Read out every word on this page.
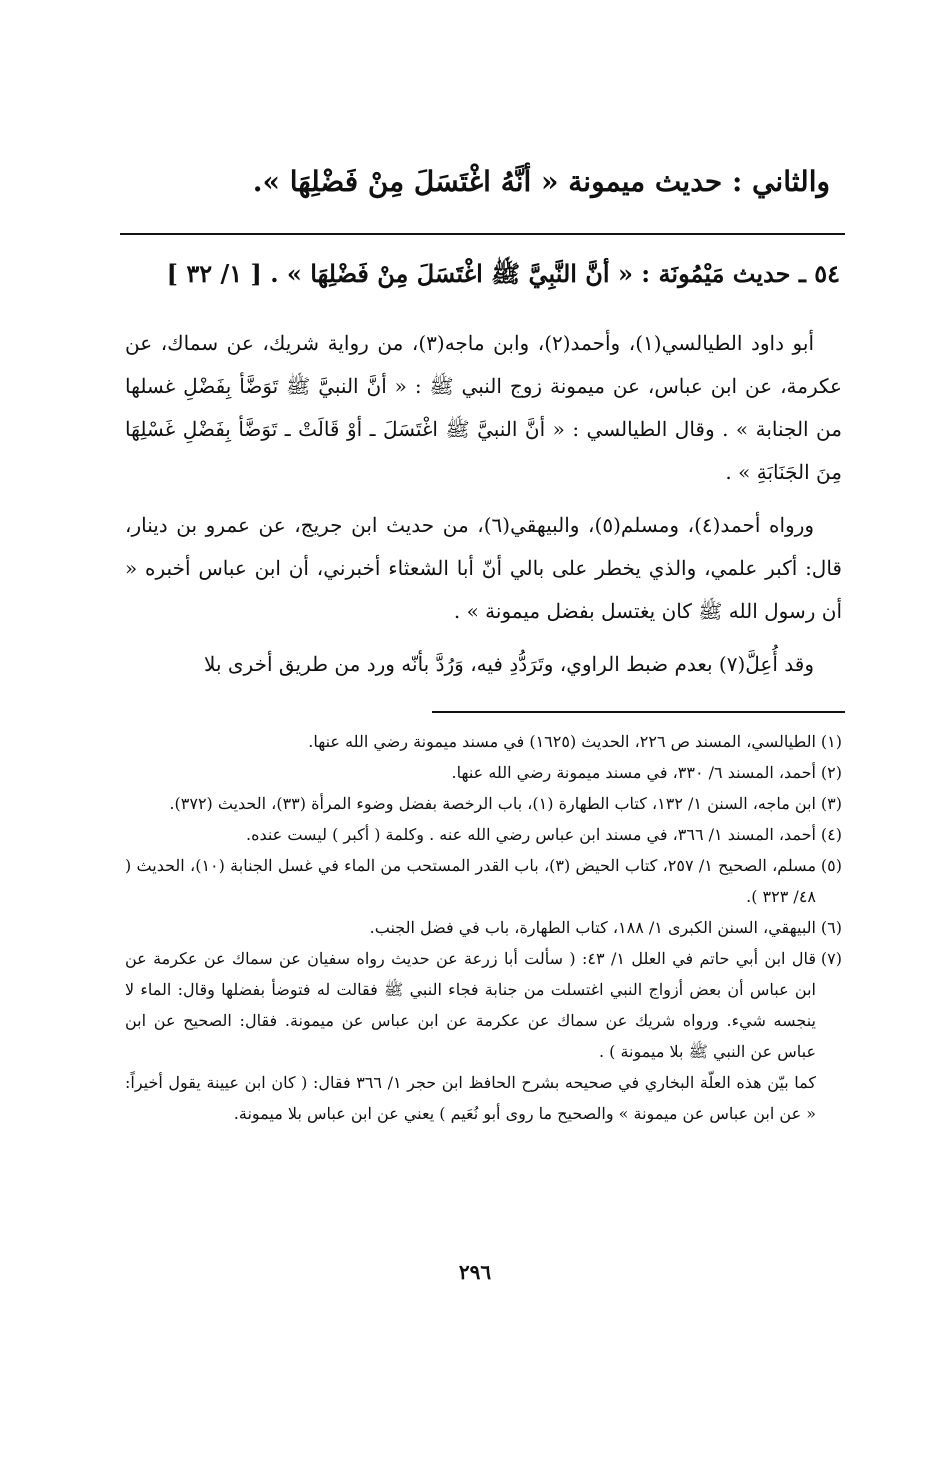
والثاني : حديث ميمونة « أنَّهُ اغْتَسَلَ مِنْ فَضْلِهَا ».
٥٤ ـ حديث مَيْمُونَة : « أنَّ النَّبِيَّ ﷺ اغْتَسَلَ مِنْ فَضْلِهَا » . [ ١/ ٣٢ ]
أبو داود الطيالسي(١)، وأحمد(٢)، وابن ماجه(٣)، من رواية شريك، عن سماك، عن عكرمة، عن ابن عباس، عن ميمونة زوج النبي ﷺ : « أنَّ النبيَّ ﷺ تَوَضَّأ بِفَضْلِ غسلها من الجنابة » . وقال الطيالسي : « أنَّ النبيَّ ﷺ اغْتَسَلَ ـ أوْ قَالَتْ ـ تَوَضَّأ بِفَضْلِ غَسْلِهَا مِنَ الجَنَابَةِ » .
ورواه أحمد(٤)، ومسلم(٥)، والبيهقي(٦)، من حديث ابن جريج، عن عمرو بن دينار، قال: أكبر علمي، والذي يخطر على بالي أنّ أبا الشعثاء أخبرني، أن ابن عباس أخبره « أن رسول الله ﷺ كان يغتسل بفضل ميمونة » .
وقد أُعِلَّ(٧) بعدم ضبط الراوي، وتَرَدُّدِ فيه، وَرُدَّ بأنّه ورد من طريق أخرى بلا
(١)
الطيالسي، المسند ص ٢٢٦، الحديث (١٦٢٥) في مسند ميمونة رضي الله عنها.
(٢)
أحمد، المسند ٦/ ٣٣٠، في مسند ميمونة رضي الله عنها.
(٣)
ابن ماجه، السنن ١/ ١٣٢، كتاب الطهارة (١)، باب الرخصة بفضل وضوء المرأة (٣٣)، الحديث (٣٧٢).
(٤)
أحمد، المسند ١/ ٣٦٦، في مسند ابن عباس رضي الله عنه . وكلمة ( أكبر ) ليست عنده.
(٥)
مسلم، الصحيح ١/ ٢٥٧، كتاب الحيض (٣)، باب القدر المستحب من الماء في غسل الجنابة (١٠)، الحديث ( ٤٨/ ٣٢٣ ).
(٦)
البيهقي، السنن الكبرى ١/ ١٨٨، كتاب الطهارة، باب في فضل الجنب.
(٧)
قال ابن أبي حاتم في العلل ١/ ٤٣: ( سألت أبا زرعة عن حديث رواه سفيان عن سماك عن عكرمة عن ابن عباس أن بعض أزواج النبي اغتسلت من جنابة فجاء النبي ﷺ فقالت له فتوضأ بفضلها وقال: الماء لا ينجسه شيء. ورواه شريك عن سماك عن عكرمة عن ابن عباس عن ميمونة. فقال: الصحيح عن ابن عباس عن النبي ﷺ بلا ميمونة ) .
كما بيّن هذه العلّة البخاري في صحيحه بشرح الحافظ ابن حجر ١/ ٣٦٦ فقال: ( كان ابن عيينة يقول أخيراً: « عن ابن عباس عن ميمونة » والصحيح ما روى أبو نُعَيم ) يعني عن ابن عباس بلا ميمونة.
٢٩٦
